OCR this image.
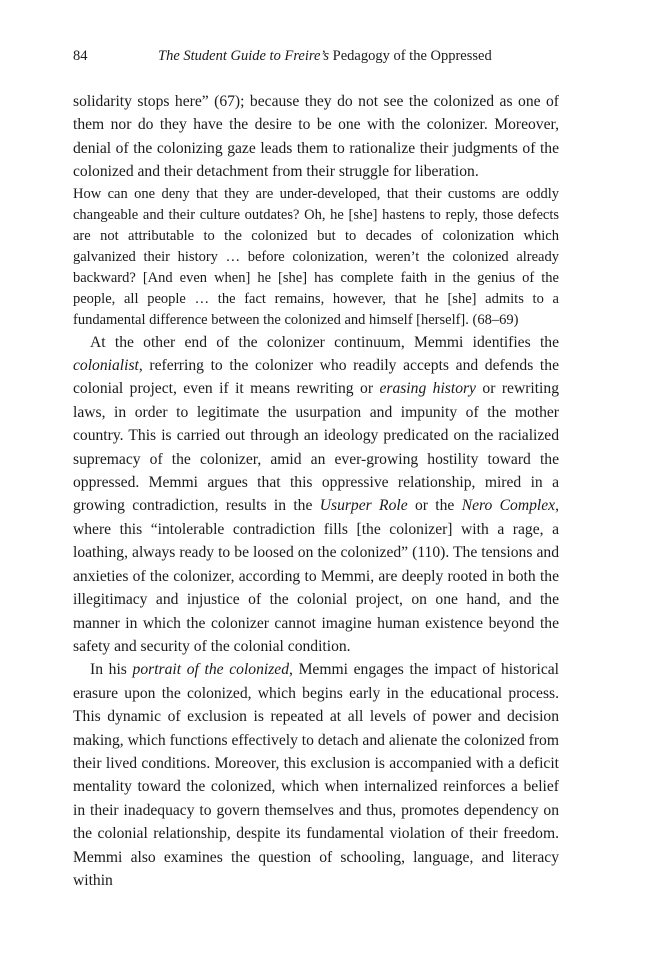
84	The Student Guide to Freire’s Pedagogy of the Oppressed

solidarity stops here” (67); because they do not see the colonized as one of them nor do they have the desire to be one with the colonizer. Moreover, denial of the colonizing gaze leads them to rationalize their judgments of the colonized and their detachment from their struggle for liberation.

How can one deny that they are under-developed, that their customs are oddly changeable and their culture outdates? Oh, he [she] hastens to reply, those defects are not attributable to the colonized but to decades of colonization which galvanized their history … before colonization, weren’t the colonized already backward? [And even when] he [she] has complete faith in the genius of the people, all people … the fact remains, however, that he [she] admits to a fundamental difference between the colonized and himself [herself]. (68–69)

At the other end of the colonizer continuum, Memmi identifies the colonialist, referring to the colonizer who readily accepts and defends the colonial project, even if it means rewriting or erasing history or rewriting laws, in order to legitimate the usurpation and impunity of the mother country. This is carried out through an ideology predicated on the racialized supremacy of the colonizer, amid an ever-growing hostility toward the oppressed. Memmi argues that this oppressive relationship, mired in a growing contradiction, results in the Usurper Role or the Nero Complex, where this “intolerable contradiction fills [the colonizer] with a rage, a loathing, always ready to be loosed on the colonized” (110). The tensions and anxieties of the colonizer, according to Memmi, are deeply rooted in both the illegitimacy and injustice of the colonial project, on one hand, and the manner in which the colonizer cannot imagine human existence beyond the safety and security of the colonial condition.

In his portrait of the colonized, Memmi engages the impact of historical erasure upon the colonized, which begins early in the educational process. This dynamic of exclusion is repeated at all levels of power and decision making, which functions effectively to detach and alienate the colonized from their lived conditions. Moreover, this exclusion is accompanied with a deficit mentality toward the colonized, which when internalized reinforces a belief in their inadequacy to govern themselves and thus, promotes dependency on the colonial relationship, despite its fundamental violation of their freedom. Memmi also examines the question of schooling, language, and literacy within
